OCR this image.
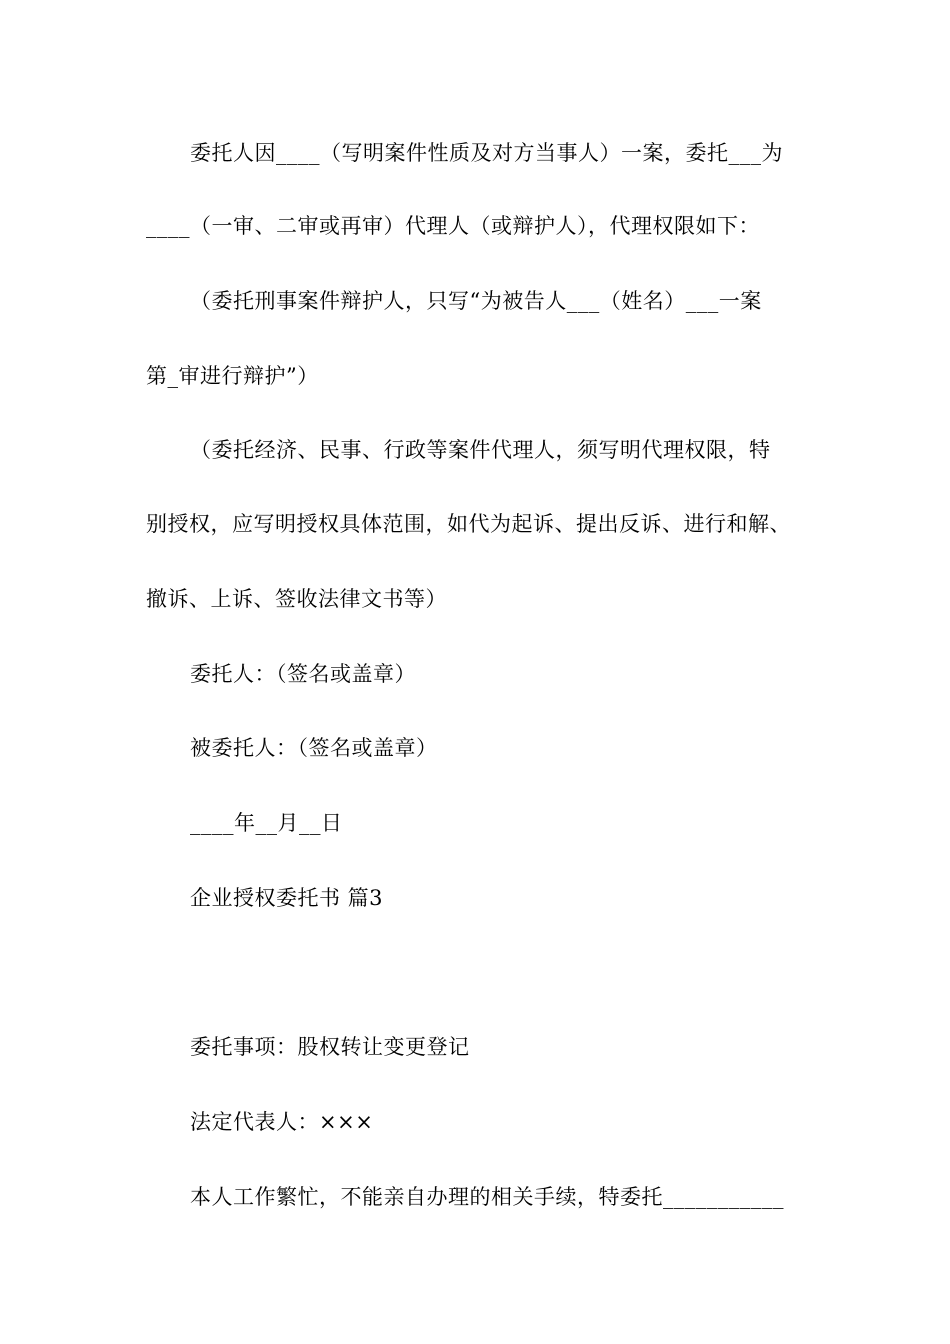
委托人因____（写明案件性质及对方当事人）一案，委托___为
____（一审、二审或再审）代理人（或辩护人），代理权限如下：
（委托刑事案件辩护人，只写“为被告人___（姓名）___一案
第_审进行辩护”）
（委托经济、民事、行政等案件代理人，须写明代理权限，特
别授权，应写明授权具体范围，如代为起诉、提出反诉、进行和解、
撤诉、上诉、签收法律文书等）
委托人：（签名或盖章）
被委托人：（签名或盖章）
____年__月__日
企业授权委托书 篇3
委托事项：股权转让变更登记
法定代表人：×××
本人工作繁忙，不能亲自办理的相关手续，特委托___________
